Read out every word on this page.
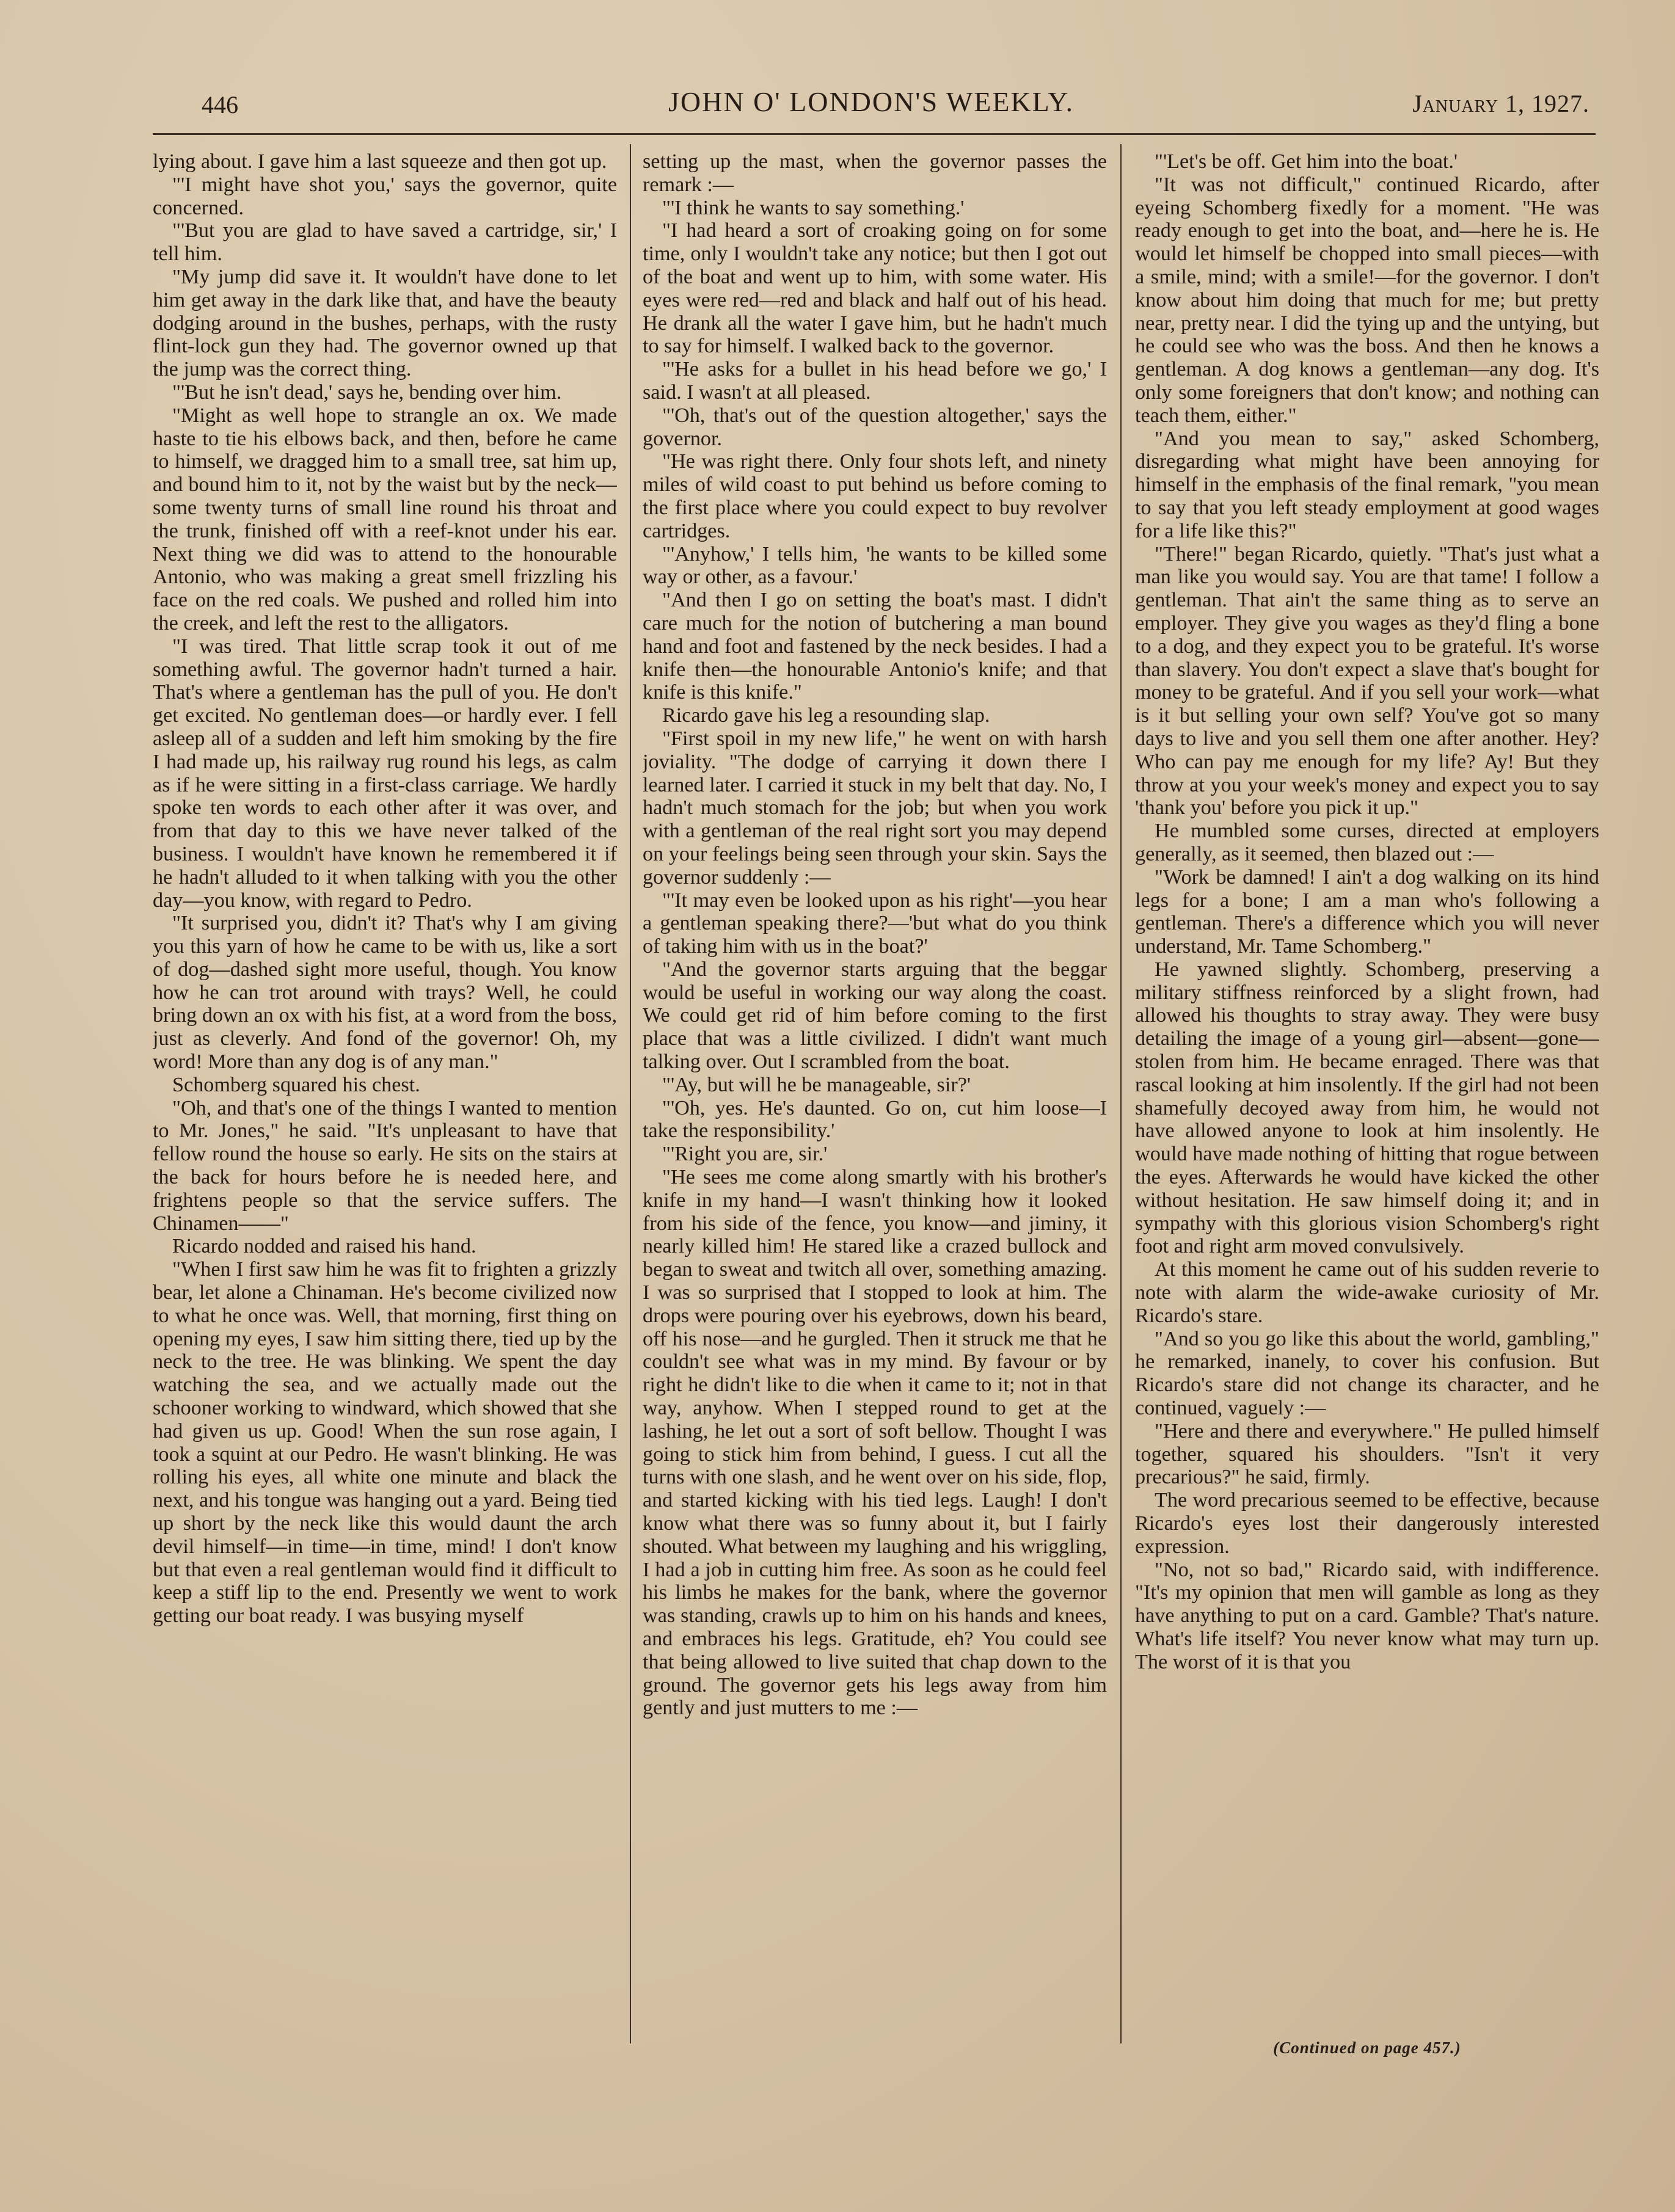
446	JOHN O' LONDON'S WEEKLY.	January 1, 1927.

lying about. I gave him a last squeeze and then got up.

"'I might have shot you,' says the governor, quite concerned.

"'But you are glad to have saved a cartridge, sir,' I tell him.

"My jump did save it. It wouldn't have done to let him get away in the dark like that, and have the beauty dodging around in the bushes, perhaps, with the rusty flint-lock gun they had. The governor owned up that the jump was the correct thing.

"'But he isn't dead,' says he, bending over him.

"Might as well hope to strangle an ox. We made haste to tie his elbows back, and then, before he came to himself, we dragged him to a small tree, sat him up, and bound him to it, not by the waist but by the neck—some twenty turns of small line round his throat and the trunk, finished off with a reef-knot under his ear. Next thing we did was to attend to the honourable Antonio, who was making a great smell frizzling his face on the red coals. We pushed and rolled him into the creek, and left the rest to the alligators.

"I was tired. That little scrap took it out of me something awful. The governor hadn't turned a hair. That's where a gentleman has the pull of you. He don't get excited. No gentleman does—or hardly ever. I fell asleep all of a sudden and left him smoking by the fire I had made up, his railway rug round his legs, as calm as if he were sitting in a first-class carriage. We hardly spoke ten words to each other after it was over, and from that day to this we have never talked of the business. I wouldn't have known he remembered it if he hadn't alluded to it when talking with you the other day—you know, with regard to Pedro.

"It surprised you, didn't it? That's why I am giving you this yarn of how he came to be with us, like a sort of dog—dashed sight more useful, though. You know how he can trot around with trays? Well, he could bring down an ox with his fist, at a word from the boss, just as cleverly. And fond of the governor! Oh, my word! More than any dog is of any man."

Schomberg squared his chest.

"Oh, and that's one of the things I wanted to mention to Mr. Jones," he said. "It's unpleasant to have that fellow round the house so early. He sits on the stairs at the back for hours before he is needed here, and frightens people so that the service suffers. The Chinamen——"

Ricardo nodded and raised his hand.

"When I first saw him he was fit to frighten a grizzly bear, let alone a Chinaman. He's become civilized now to what he once was. Well, that morning, first thing on opening my eyes, I saw him sitting there, tied up by the neck to the tree. He was blinking. We spent the day watching the sea, and we actually made out the schooner working to windward, which showed that she had given us up. Good! When the sun rose again, I took a squint at our Pedro. He wasn't blinking. He was rolling his eyes, all white one minute and black the next, and his tongue was hanging out a yard. Being tied up short by the neck like this would daunt the arch devil himself—in time—in time, mind! I don't know but that even a real gentleman would find it difficult to keep a stiff lip to the end. Presently we went to work getting our boat ready. I was busying myself

setting up the mast, when the governor passes the remark :—

"'I think he wants to say something.'

"I had heard a sort of croaking going on for some time, only I wouldn't take any notice; but then I got out of the boat and went up to him, with some water. His eyes were red—red and black and half out of his head. He drank all the water I gave him, but he hadn't much to say for himself. I walked back to the governor.

"'He asks for a bullet in his head before we go,' I said. I wasn't at all pleased.

"'Oh, that's out of the question altogether,' says the governor.

"He was right there. Only four shots left, and ninety miles of wild coast to put behind us before coming to the first place where you could expect to buy revolver cartridges.

"'Anyhow,' I tells him, 'he wants to be killed some way or other, as a favour.'

"And then I go on setting the boat's mast. I didn't care much for the notion of butchering a man bound hand and foot and fastened by the neck besides. I had a knife then—the honourable Antonio's knife; and that knife is this knife."

Ricardo gave his leg a resounding slap.

"First spoil in my new life," he went on with harsh joviality. "The dodge of carrying it down there I learned later. I carried it stuck in my belt that day. No, I hadn't much stomach for the job; but when you work with a gentleman of the real right sort you may depend on your feelings being seen through your skin. Says the governor suddenly :—

"'It may even be looked upon as his right'—you hear a gentleman speaking there?—'but what do you think of taking him with us in the boat?'

"And the governor starts arguing that the beggar would be useful in working our way along the coast. We could get rid of him before coming to the first place that was a little civilized. I didn't want much talking over. Out I scrambled from the boat.

"'Ay, but will he be manageable, sir?'

"'Oh, yes. He's daunted. Go on, cut him loose—I take the responsibility.'

"'Right you are, sir.'

"He sees me come along smartly with his brother's knife in my hand—I wasn't thinking how it looked from his side of the fence, you know—and jiminy, it nearly killed him! He stared like a crazed bullock and began to sweat and twitch all over, something amazing. I was so surprised that I stopped to look at him. The drops were pouring over his eyebrows, down his beard, off his nose—and he gurgled. Then it struck me that he couldn't see what was in my mind. By favour or by right he didn't like to die when it came to it; not in that way, anyhow. When I stepped round to get at the lashing, he let out a sort of soft bellow. Thought I was going to stick him from behind, I guess. I cut all the turns with one slash, and he went over on his side, flop, and started kicking with his tied legs. Laugh! I don't know what there was so funny about it, but I fairly shouted. What between my laughing and his wriggling, I had a job in cutting him free. As soon as he could feel his limbs he makes for the bank, where the governor was standing, crawls up to him on his hands and knees, and embraces his legs. Gratitude, eh? You could see that being allowed to live suited that chap down to the ground. The governor gets his legs away from him gently and just mutters to me :—

"'Let's be off. Get him into the boat.'

"It was not difficult," continued Ricardo, after eyeing Schomberg fixedly for a moment. "He was ready enough to get into the boat, and—here he is. He would let himself be chopped into small pieces—with a smile, mind; with a smile!—for the governor. I don't know about him doing that much for me; but pretty near, pretty near. I did the tying up and the untying, but he could see who was the boss. And then he knows a gentleman. A dog knows a gentleman—any dog. It's only some foreigners that don't know; and nothing can teach them, either."

"And you mean to say," asked Schomberg, disregarding what might have been annoying for himself in the emphasis of the final remark, "you mean to say that you left steady employment at good wages for a life like this?"

"There!" began Ricardo, quietly. "That's just what a man like you would say. You are that tame! I follow a gentleman. That ain't the same thing as to serve an employer. They give you wages as they'd fling a bone to a dog, and they expect you to be grateful. It's worse than slavery. You don't expect a slave that's bought for money to be grateful. And if you sell your work—what is it but selling your own self? You've got so many days to live and you sell them one after another. Hey? Who can pay me enough for my life? Ay! But they throw at you your week's money and expect you to say 'thank you' before you pick it up."

He mumbled some curses, directed at employers generally, as it seemed, then blazed out :—

"Work be damned! I ain't a dog walking on its hind legs for a bone; I am a man who's following a gentleman. There's a difference which you will never understand, Mr. Tame Schomberg."

He yawned slightly. Schomberg, preserving a military stiffness reinforced by a slight frown, had allowed his thoughts to stray away. They were busy detailing the image of a young girl—absent—gone—stolen from him. He became enraged. There was that rascal looking at him insolently. If the girl had not been shamefully decoyed away from him, he would not have allowed anyone to look at him insolently. He would have made nothing of hitting that rogue between the eyes. Afterwards he would have kicked the other without hesitation. He saw himself doing it; and in sympathy with this glorious vision Schomberg's right foot and right arm moved convulsively.

At this moment he came out of his sudden reverie to note with alarm the wide-awake curiosity of Mr. Ricardo's stare.

"And so you go like this about the world, gambling," he remarked, inanely, to cover his confusion. But Ricardo's stare did not change its character, and he continued, vaguely :—

"Here and there and everywhere." He pulled himself together, squared his shoulders. "Isn't it very precarious?" he said, firmly.

The word precarious seemed to be effective, because Ricardo's eyes lost their dangerously interested expression.

"No, not so bad," Ricardo said, with indifference. "It's my opinion that men will gamble as long as they have anything to put on a card. Gamble? That's nature. What's life itself? You never know what may turn up. The worst of it is that you

(Continued on page 457.)
